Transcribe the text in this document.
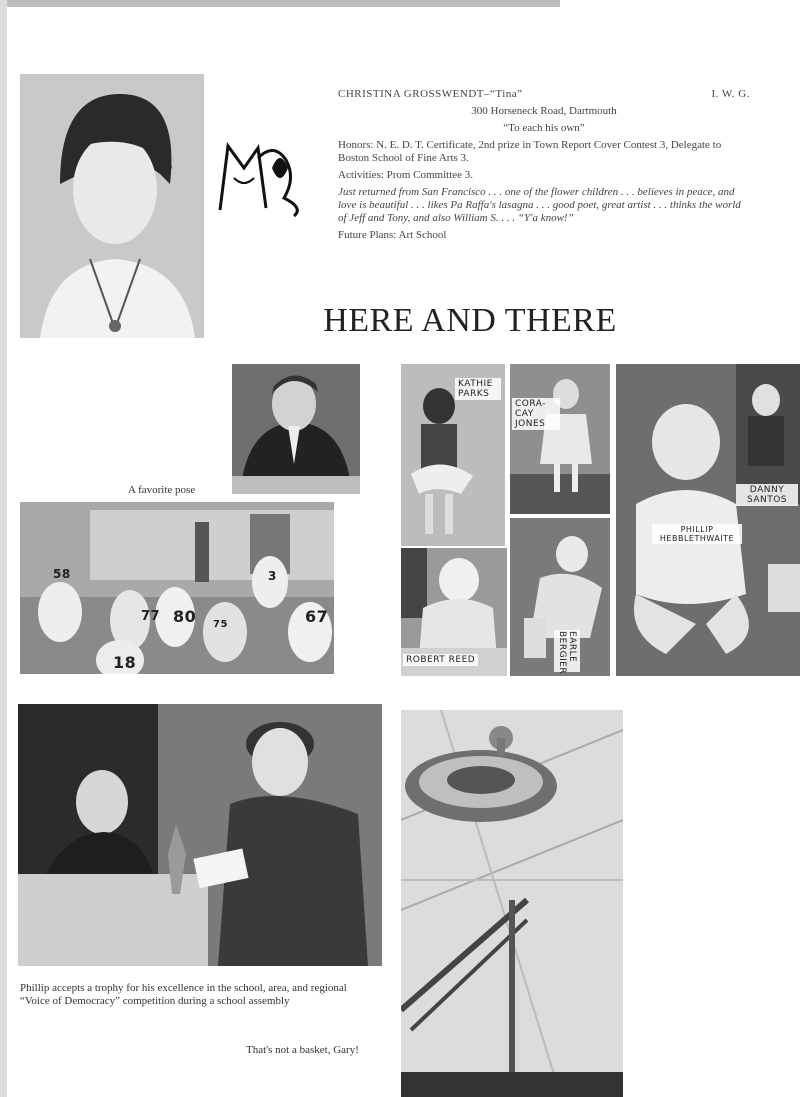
CHRISTINA GROSSWENDT–“Tina”	I. W. G.

300 Horseneck Road, Dartmouth

“To each his own”

Honors: N. E. D. T. Certificate, 2nd prize in Town Report Cover Contest 3, Delegate to Boston School of Fine Arts 3.

Activities: Prom Committee 3.

Just returned from San Francisco . . . one of the flower children . . . believes in peace, and love is beautiful . . . likes Pa Raffa's lasagna . . . good poet, great artist . . . thinks the world of Jeff and Tony, and also William S. . . . “Y'a know!”

Future Plans: Art School

HERE AND THERE
A favorite pose
58	3
77 80	67
75
18
KATHIE PARKS
CORA-CAY JONES
DANNY SANTOS
PHILLIP HEBBLETHWAITE
ROBERT REED	EARLE BERGIER
Phillip accepts a trophy for his excellence in the school, area, and regional “Voice of Democracy” competition during a school assembly
That's not a basket, Gary!
